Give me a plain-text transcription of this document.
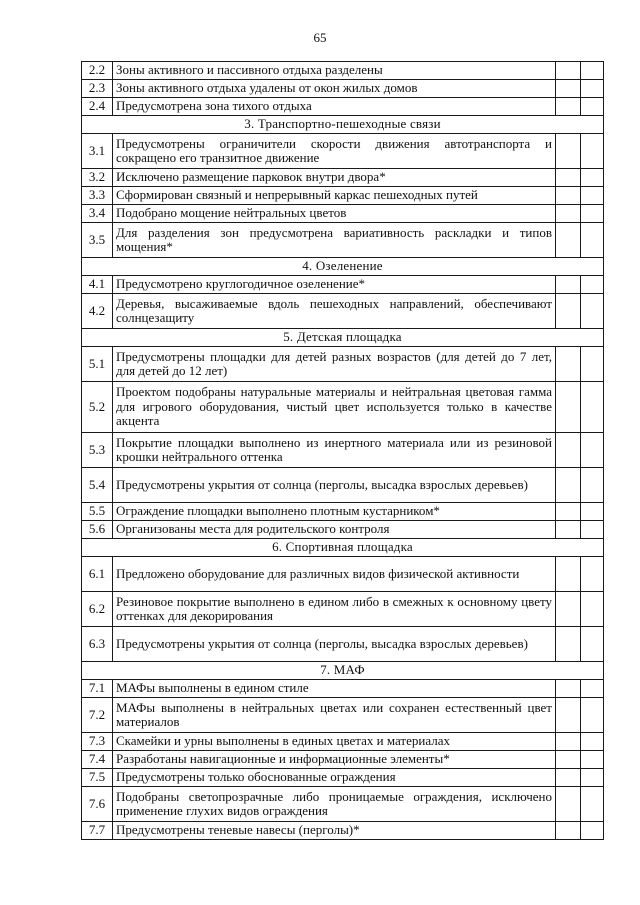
65
2.2	Зоны активного и пассивного отдыха разделены		
2.3	Зоны активного отдыха удалены от окон жилых домов		
2.4	Предусмотрена зона тихого отдыха		
3. Транспортно-пешеходные связи			
3.1	Предусмотрены ограничители скорости движения автотранспорта и сокращено его транзитное движение		
3.2	Исключено размещение парковок внутри двора*		
3.3	Сформирован связный и непрерывный каркас пешеходных путей		
3.4	Подобрано мощение нейтральных цветов		
3.5	Для разделения зон предусмотрена вариативность раскладки и типов мощения*		
4. Озеленение			
4.1	Предусмотрено круглогодичное озеленение*		
4.2	Деревья, высаживаемые вдоль пешеходных направлений, обеспечивают солнцезащиту		
5. Детская площадка			
5.1	Предусмотрены площадки для детей разных возрастов (для детей до 7 лет, для детей до 12 лет)		
5.2	Проектом подобраны натуральные материалы и нейтральная цветовая гамма для игрового оборудования, чистый цвет используется только в качестве акцента		
5.3	Покрытие площадки выполнено из инертного материала или из резиновой крошки нейтрального оттенка		
5.4	Предусмотрены укрытия от солнца (перголы, высадка взрослых деревьев)		
5.5	Ограждение площадки выполнено плотным кустарником*		
5.6	Организованы места для родительского контроля		
6. Спортивная площадка			
6.1	Предложено оборудование для различных видов физической активности		
6.2	Резиновое покрытие выполнено в едином либо в смежных к основному цвету оттенках для декорирования		
6.3	Предусмотрены укрытия от солнца (перголы, высадка взрослых деревьев)		
7. МАФ			
7.1	МАФы выполнены в едином стиле		
7.2	МАФы выполнены в нейтральных цветах или сохранен естественный цвет материалов		
7.3	Скамейки и урны выполнены в единых цветах и материалах		
7.4	Разработаны навигационные и информационные элементы*		
7.5	Предусмотрены только обоснованные ограждения		
7.6	Подобраны светопрозрачные либо проницаемые ограждения, исключено применение глухих видов ограждения		
7.7	Предусмотрены теневые навесы (перголы)*		
